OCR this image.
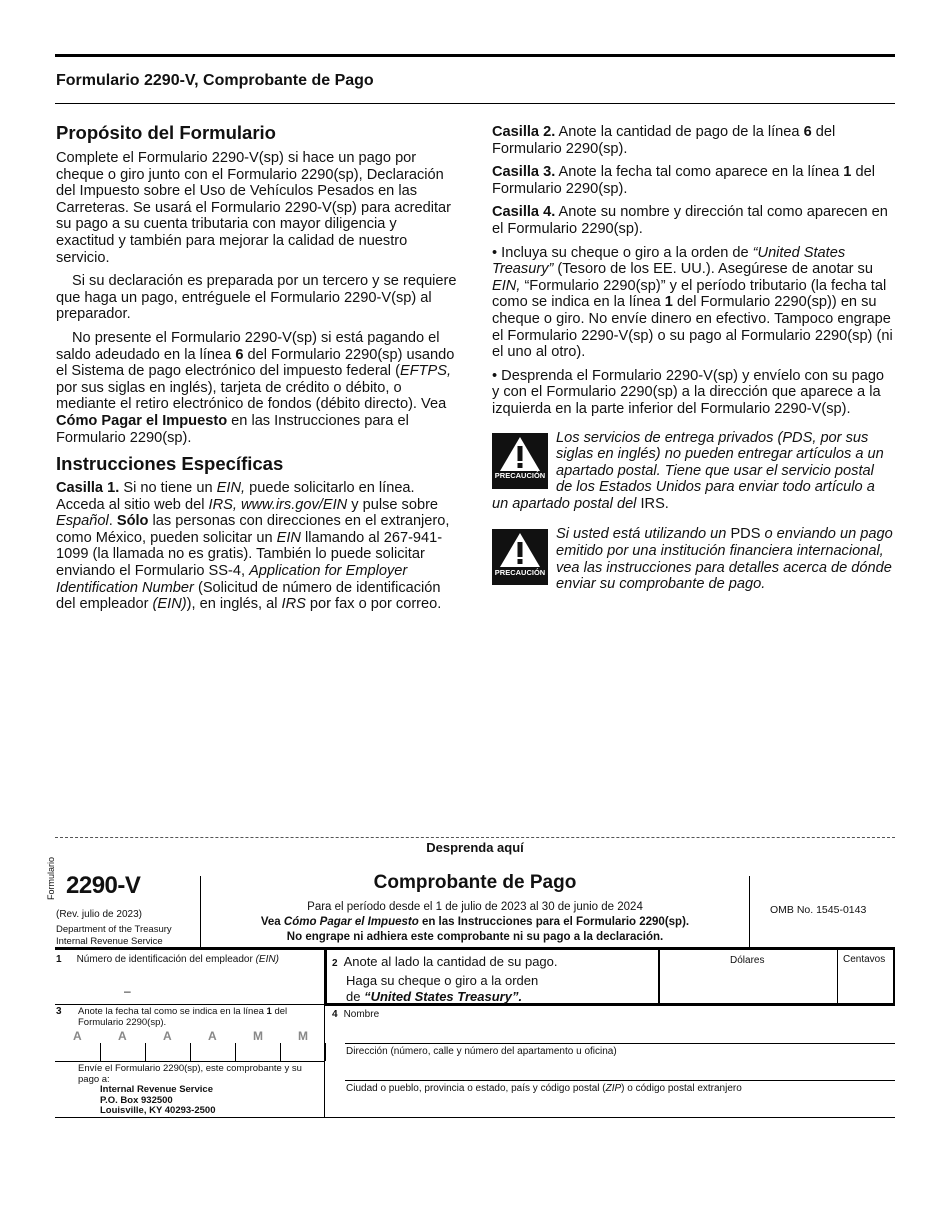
Formulario 2290-V, Comprobante de Pago
Propósito del Formulario

Complete el Formulario 2290-V(sp) si hace un pago por cheque o giro junto con el Formulario 2290(sp), Declaración del Impuesto sobre el Uso de Vehículos Pesados en las Carreteras. Se usará el Formulario 2290-V(sp) para acreditar su pago a su cuenta tributaria con mayor diligencia y exactitud y también para mejorar la calidad de nuestro servicio.

Si su declaración es preparada por un tercero y se requiere que haga un pago, entréguele el Formulario 2290-V(sp) al preparador.

No presente el Formulario 2290-V(sp) si está pagando el saldo adeudado en la línea 6 del Formulario 2290(sp) usando el Sistema de pago electrónico del impuesto federal (EFTPS, por sus siglas en inglés), tarjeta de crédito o débito, o mediante el retiro electrónico de fondos (débito directo). Vea Cómo Pagar el Impuesto en las Instrucciones para el Formulario 2290(sp).

Instrucciones Específicas

Casilla 1. Si no tiene un EIN, puede solicitarlo en línea. Acceda al sitio web del IRS, www.irs.gov/EIN y pulse sobre Español. Sólo las personas con direcciones en el extranjero, como México, pueden solicitar un EIN llamando al 267-941-1099 (la llamada no es gratis). También lo puede solicitar enviando el Formulario SS-4, Application for Employer Identification Number (Solicitud de número de identificación del empleador (EIN)), en inglés, al IRS por fax o por correo.

Casilla 2. Anote la cantidad de pago de la línea 6 del Formulario 2290(sp).

Casilla 3. Anote la fecha tal como aparece en la línea 1 del Formulario 2290(sp).

Casilla 4. Anote su nombre y dirección tal como aparecen en el Formulario 2290(sp).

• Incluya su cheque o giro a la orden de “United States Treasury” (Tesoro de los EE. UU.). Asegúrese de anotar su EIN, “Formulario 2290(sp)” y el período tributario (la fecha tal como se indica en la línea 1 del Formulario 2290(sp)) en su cheque o giro. No envíe dinero en efectivo. Tampoco engrape el Formulario 2290-V(sp) o su pago al Formulario 2290(sp) (ni el uno al otro).

• Desprenda el Formulario 2290-V(sp) y envíelo con su pago y con el Formulario 2290(sp) a la dirección que aparece a la izquierda en la parte inferior del Formulario 2290-V(sp).

PRECAUCIÓN
Los servicios de entrega privados (PDS, por sus siglas en inglés) no pueden entregar artículos a un apartado postal. Tiene que usar el servicio postal de los Estados Unidos para enviar todo artículo a un apartado postal del IRS.
PRECAUCIÓN
Si usted está utilizando un PDS o enviando un pago emitido por una institución financiera internacional, vea las instrucciones para detalles acerca de dónde enviar su comprobante de pago.
Desprenda aquí
Formulario 2290-V
(Rev. julio de 2023)
Department of the Treasury
Internal Revenue Service
Comprobante de Pago
Para el período desde el 1 de julio de 2023 al 30 de junio de 2024
Vea Cómo Pagar el Impuesto en las Instrucciones para el Formulario 2290(sp).
No engrape ni adhiera este comprobante ni su pago a la declaración.
OMB No. 1545-0143
1 Número de identificación del empleador (EIN)
–
2 Anote al lado la cantidad de su pago.
Haga su cheque o giro a la orden
de “United States Treasury”.
Dólares	Centavos
3	Anote la fecha tal como se indica en la línea 1 del Formulario 2290(sp).
A	A	A	A	M	M
Envíe el Formulario 2290(sp), este comprobante y su pago a:
Internal Revenue Service
P.O. Box 932500
Louisville, KY 40293-2500
4 Nombre
Dirección (número, calle y número del apartamento u oficina)
Ciudad o pueblo, provincia o estado, país y código postal (ZIP) o código postal extranjero
